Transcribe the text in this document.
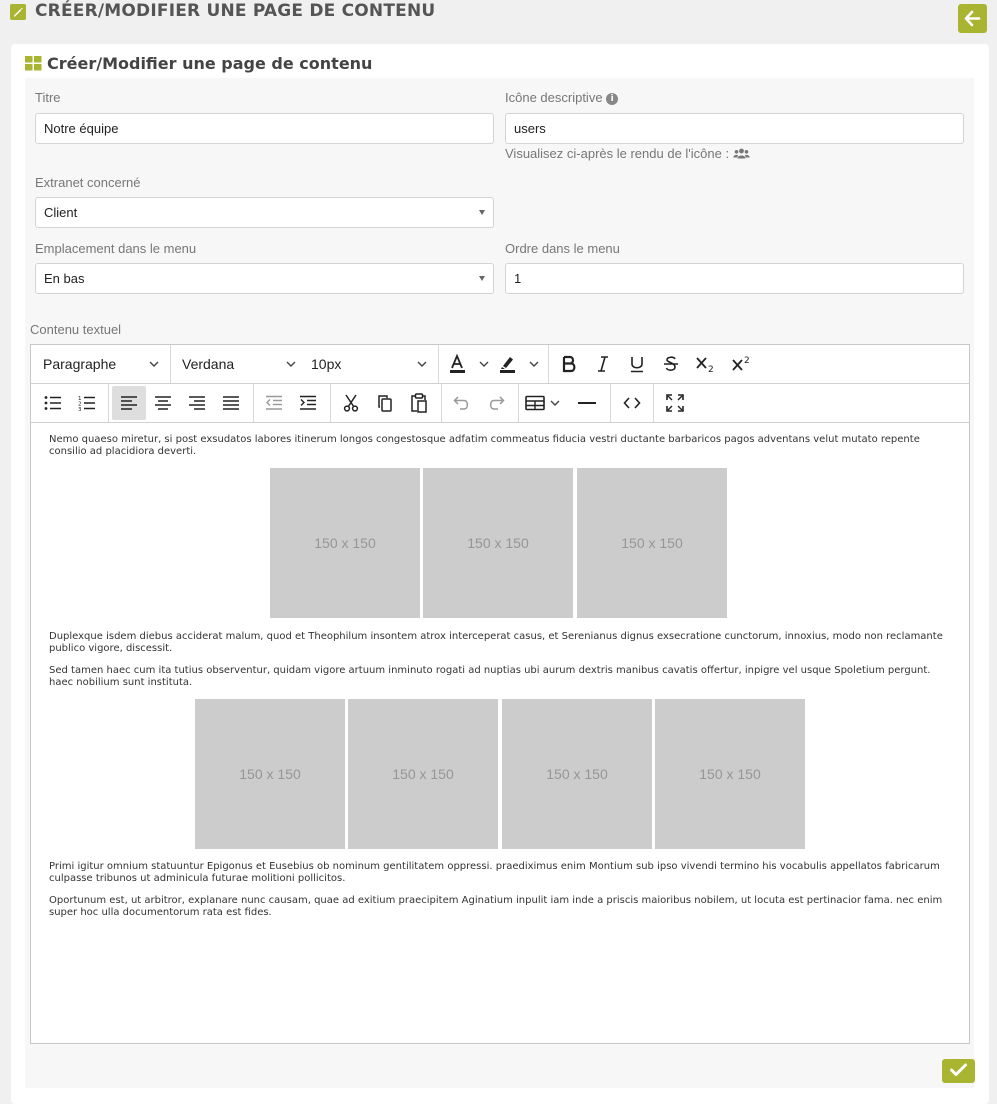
CRÉER/MODIFIER UNE PAGE DE CONTENU
Créer/Modifier une page de contenu
Titre
Notre équipe
Icône descriptive i
users
Visualisez ci-après le rendu de l'icône :
Extranet concerné
Client
Emplacement dans le menu
En bas
Ordre dans le menu
1
Contenu textuel
Paragraphe	Verdana	10px	2
2
1
2
3

Nemo quaeso miretur, si post exsudatos labores itinerum longos congestosque adfatim commeatus fiducia vestri ductante barbaricos pagos adventans velut mutato repente consilio ad placidiora deverti.

150 x 150	150 x 150	150 x 150

Duplexque isdem diebus acciderat malum, quod et Theophilum insontem atrox interceperat casus, et Serenianus dignus exsecratione cunctorum, innoxius, modo non reclamante publico vigore, discessit.

Sed tamen haec cum ita tutius observentur, quidam vigore artuum inminuto rogati ad nuptias ubi aurum dextris manibus cavatis offertur, inpigre vel usque Spoletium pergunt. haec nobilium sunt instituta.

150 x 150	150 x 150	150 x 150	150 x 150

Primi igitur omnium statuuntur Epigonus et Eusebius ob nominum gentilitatem oppressi. praediximus enim Montium sub ipso vivendi termino his vocabulis appellatos fabricarum culpasse tribunos ut adminicula futurae molitioni pollicitos.

Oportunum est, ut arbitror, explanare nunc causam, quae ad exitium praecipitem Aginatium inpulit iam inde a priscis maioribus nobilem, ut locuta est pertinacior fama. nec enim super hoc ulla documentorum rata est fides.
